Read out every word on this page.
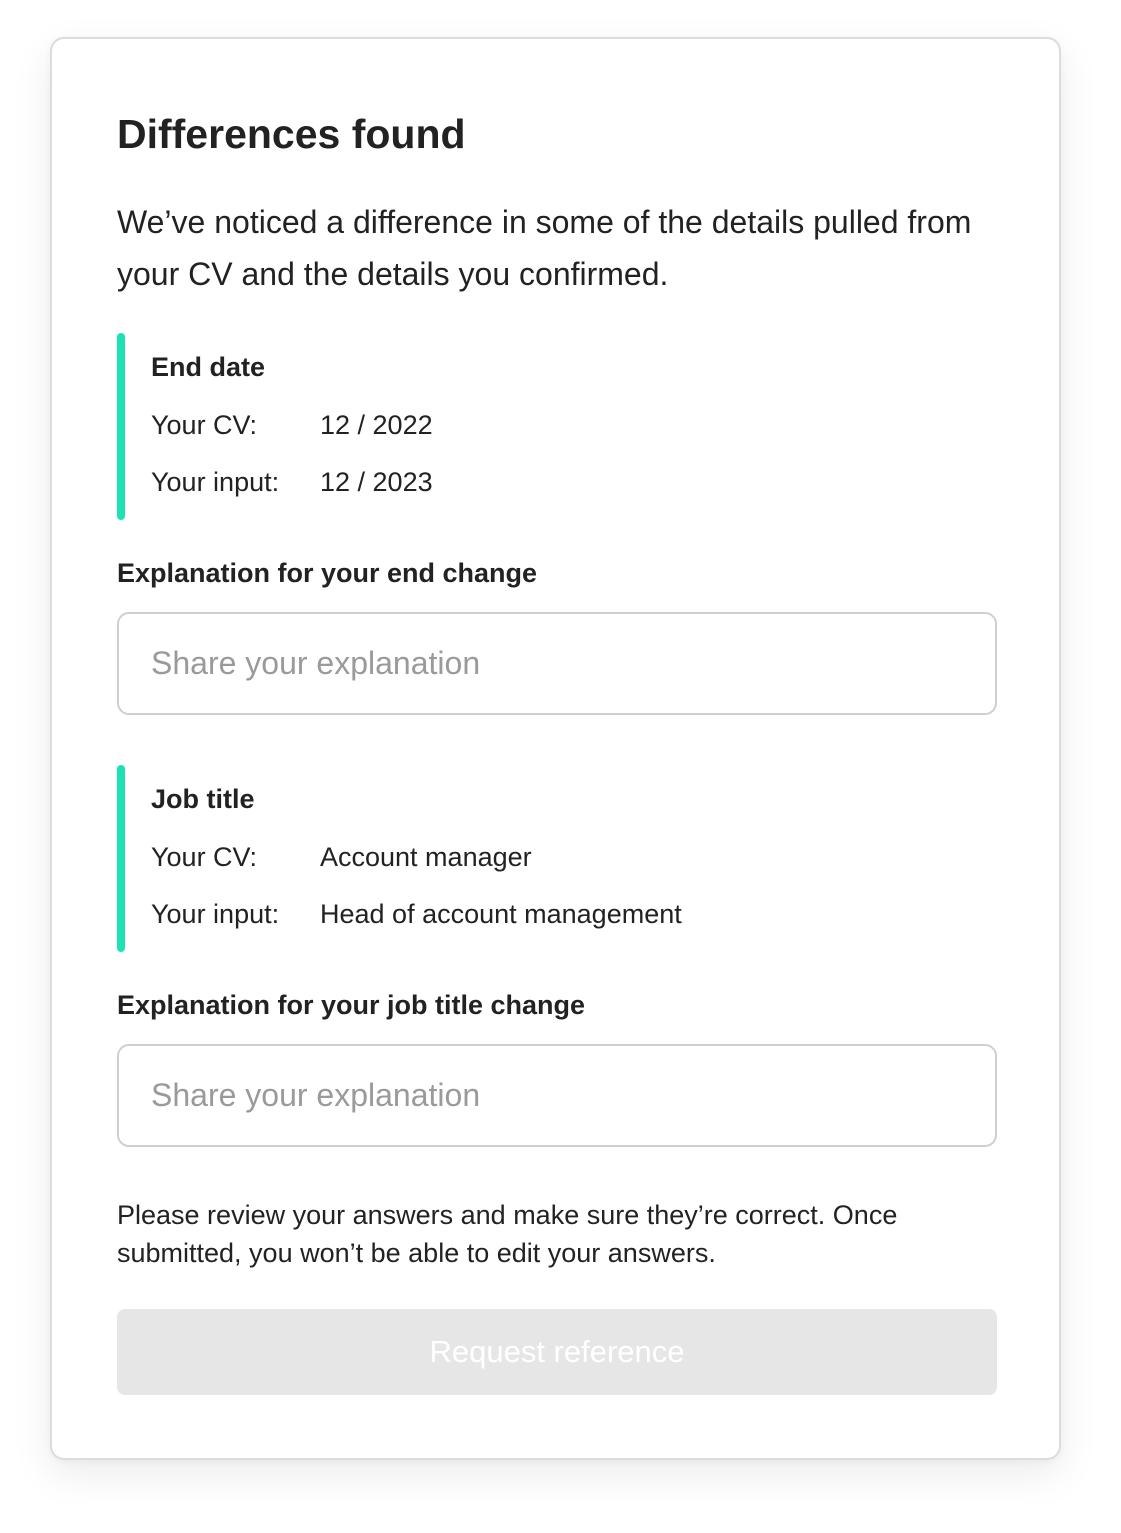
Differences found

We’ve noticed a difference in some of the details pulled from your CV and the details you confirmed.

End date
Your CV: 12 / 2022
Your input: 12 / 2023
Explanation for your end change
Share your explanation
Job title
Your CV: Account manager
Your input: Head of account management
Explanation for your job title change
Share your explanation

Please review your answers and make sure they’re correct. Once submitted, you won’t be able to edit your answers.

Request reference
